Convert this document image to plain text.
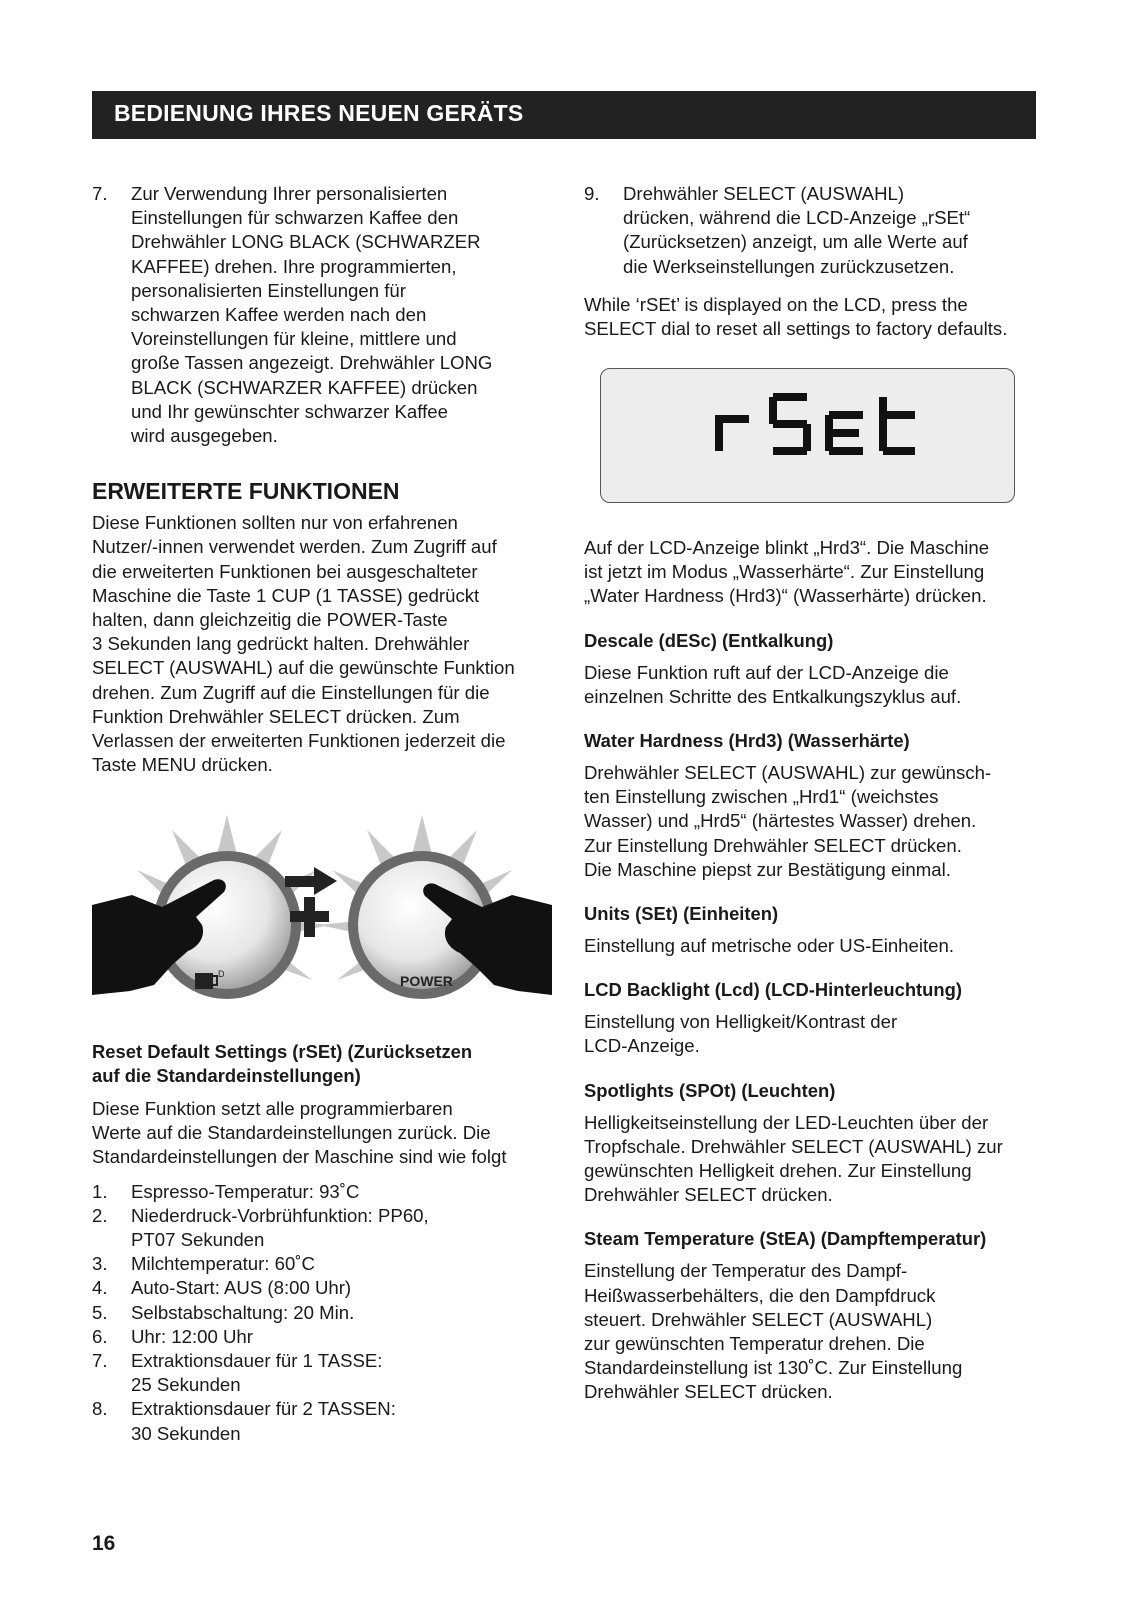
BEDIENUNG IHRES NEUEN GERÄTS
7. Zur Verwendung Ihrer personalisierten
Einstellungen für schwarzen Kaffee den
Drehwähler LONG BLACK (SCHWARZER
KAFFEE) drehen. Ihre programmierten,
personalisierten Einstellungen für
schwarzen Kaffee werden nach den
Voreinstellungen für kleine, mittlere und
große Tassen angezeigt. Drehwähler LONG
BLACK (SCHWARZER KAFFEE) drücken
und Ihr gewünschter schwarzer Kaffee
wird ausgegeben.
ERWEITERTE FUNKTIONEN

Diese Funktionen sollten nur von erfahrenen
Nutzer/-innen verwendet werden. Zum Zugriff auf
die erweiterten Funktionen bei ausgeschalteter
Maschine die Taste 1 CUP (1 TASSE) gedrückt
halten, dann gleichzeitig die POWER-Taste
3 Sekunden lang gedrückt halten. Drehwähler
SELECT (AUSWAHL) auf die gewünschte Funktion
drehen. Zum Zugriff auf die Einstellungen für die
Funktion Drehwähler SELECT drücken. Zum
Verlassen der erweiterten Funktionen jederzeit die
Taste MENU drücken.

D	POWER
Reset Default Settings (rSEt) (Zurücksetzen
auf die Standardeinstellungen)

Diese Funktion setzt alle programmierbaren
Werte auf die Standardeinstellungen zurück. Die
Standardeinstellungen der Maschine sind wie folgt

1. Espresso-Temperatur: 93˚C
2. Niederdruck-Vorbrühfunktion: PP60,
PT07 Sekunden
3. Milchtemperatur: 60˚C
4. Auto-Start: AUS (8:00 Uhr)
5. Selbstabschaltung: 20 Min.
6. Uhr: 12:00 Uhr
7. Extraktionsdauer für 1 TASSE:
25 Sekunden
8. Extraktionsdauer für 2 TASSEN:
30 Sekunden
9. Drehwähler SELECT (AUSWAHL)
drücken, während die LCD-Anzeige „rSEt“
(Zurücksetzen) anzeigt, um alle Werte auf
die Werkseinstellungen zurückzusetzen.

While ‘rSEt’ is displayed on the LCD, press the
SELECT dial to reset all settings to factory defaults.

rSEt

Auf der LCD-Anzeige blinkt „Hrd3“. Die Maschine
ist jetzt im Modus „Wasserhärte“. Zur Einstellung
„Water Hardness (Hrd3)“ (Wasserhärte) drücken.

Descale (dESc) (Entkalkung)

Diese Funktion ruft auf der LCD-Anzeige die
einzelnen Schritte des Entkalkungszyklus auf.

Water Hardness (Hrd3) (Wasserhärte)

Drehwähler SELECT (AUSWAHL) zur gewünsch-
ten Einstellung zwischen „Hrd1“ (weichstes
Wasser) und „Hrd5“ (härtestes Wasser) drehen.
Zur Einstellung Drehwähler SELECT drücken.
Die Maschine piepst zur Bestätigung einmal.

Units (SEt) (Einheiten)

Einstellung auf metrische oder US-Einheiten.

LCD Backlight (Lcd) (LCD-Hinterleuchtung)

Einstellung von Helligkeit/Kontrast der
LCD-Anzeige.

Spotlights (SPOt) (Leuchten)

Helligkeitseinstellung der LED-Leuchten über der
Tropfschale. Drehwähler SELECT (AUSWAHL) zur
gewünschten Helligkeit drehen. Zur Einstellung
Drehwähler SELECT drücken.

Steam Temperature (StEA) (Dampftemperatur)

Einstellung der Temperatur des Dampf-
Heißwasserbehälters, die den Dampfdruck
steuert. Drehwähler SELECT (AUSWAHL)
zur gewünschten Temperatur drehen. Die
Standardeinstellung ist 130˚C. Zur Einstellung
Drehwähler SELECT drücken.

16
